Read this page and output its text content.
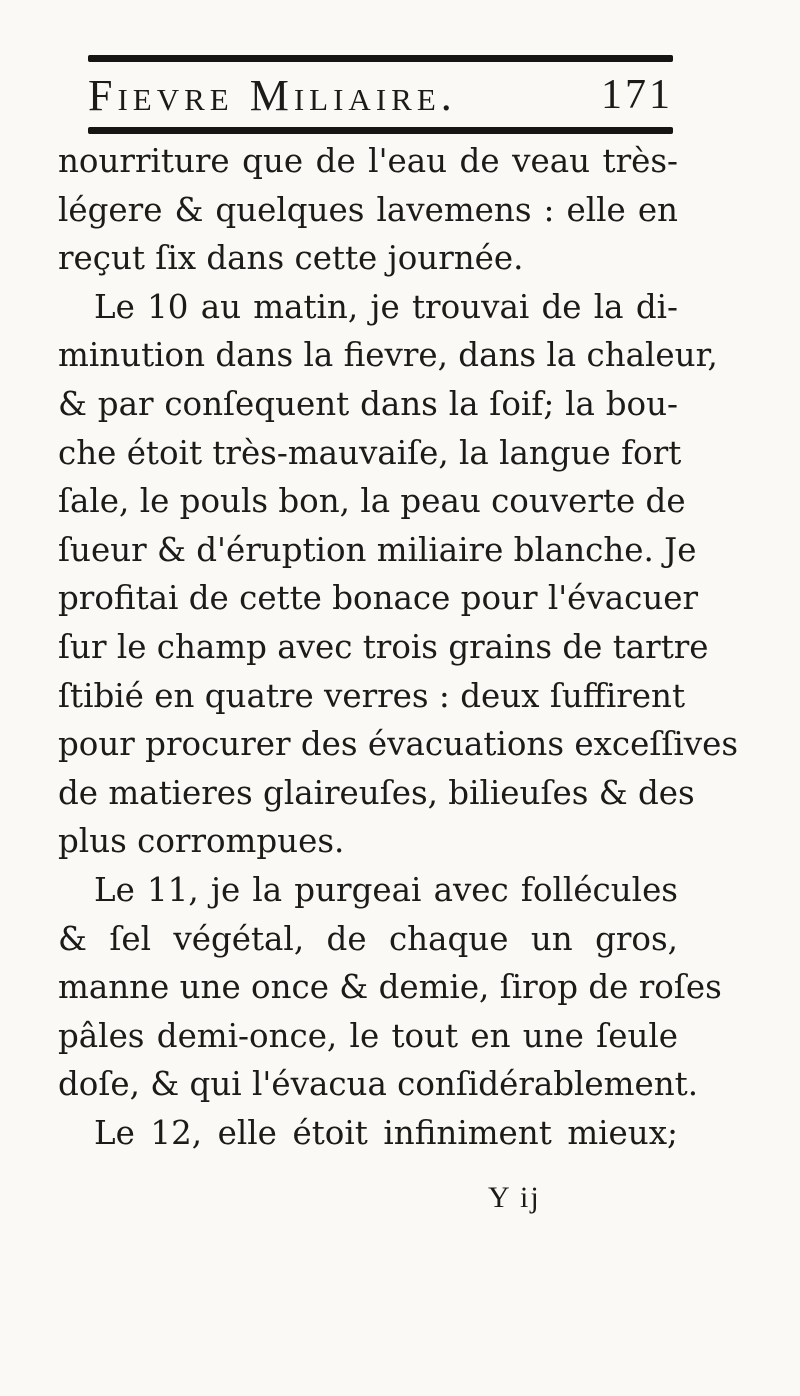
Fievre Miliaire.	171
nourriture que de l'eau de veau très-
légere & quelques lavemens : elle en
reçut ſix dans cette journée.
Le 10 au matin, je trouvai de la di-
minution dans la fievre, dans la chaleur,
& par conſequent dans la ſoif; la bou-
che étoit très-mauvaiſe, la langue fort
ſale, le pouls bon, la peau couverte de
ſueur & d'éruption miliaire blanche. Je
profitai de cette bonace pour l'évacuer
ſur le champ avec trois grains de tartre
ſtibié en quatre verres : deux ſuffirent
pour procurer des évacuations exceſſives
de matieres glaireuſes, bilieuſes & des
plus corrompues.
Le 11, je la purgeai avec follécules
& ſel végétal, de chaque un gros,
manne une once & demie, ſirop de roſes
pâles demi-once, le tout en une ſeule
doſe, & qui l'évacua conſidérablement.
Le 12, elle étoit infiniment mieux;
Y ij
